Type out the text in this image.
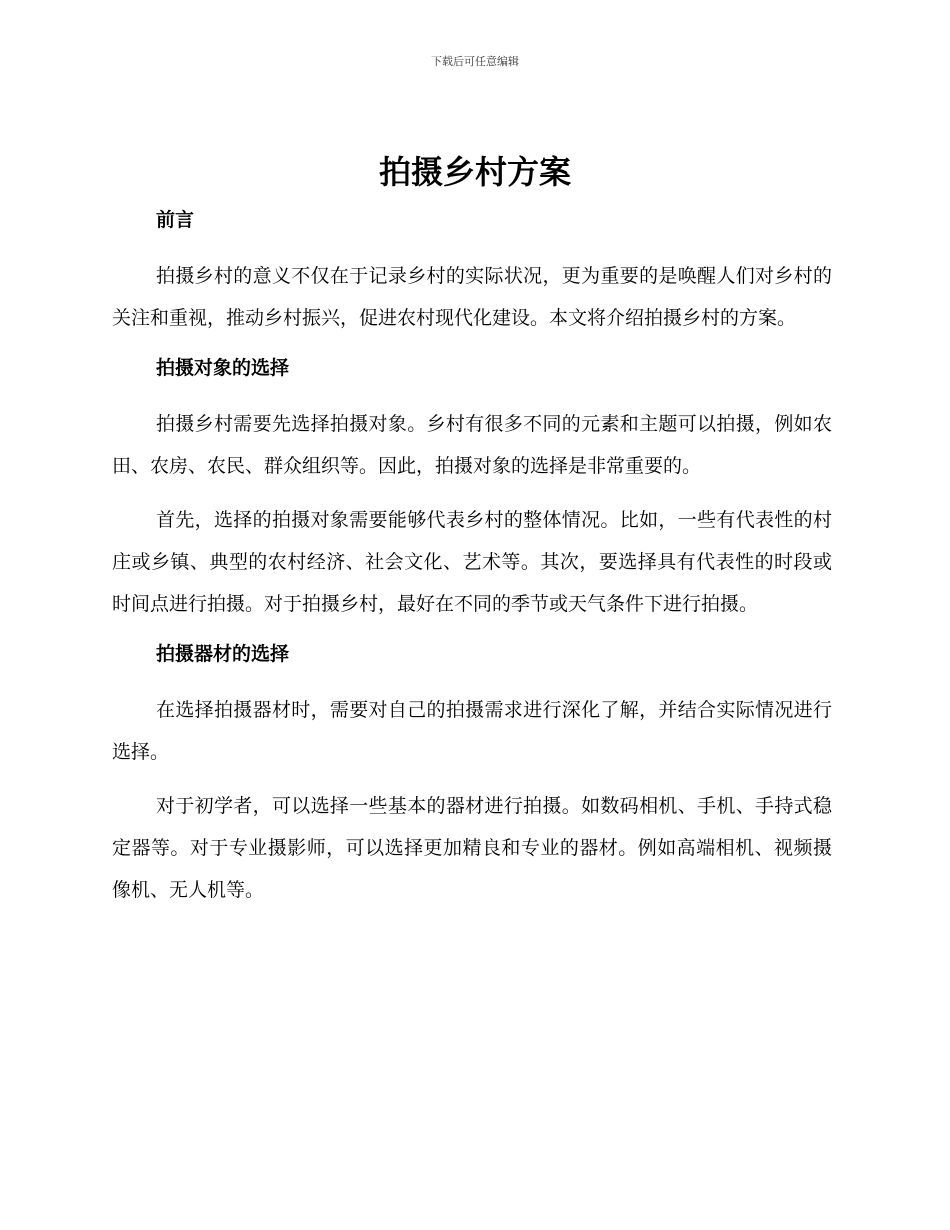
下载后可任意编辑
拍摄乡村方案
前言

拍摄乡村的意义不仅在于记录乡村的实际状况，更为重要的是唤醒人们对乡村的关注和重视，推动乡村振兴，促进农村现代化建设。本文将介绍拍摄乡村的方案。

拍摄对象的选择

拍摄乡村需要先选择拍摄对象。乡村有很多不同的元素和主题可以拍摄，例如农田、农房、农民、群众组织等。因此，拍摄对象的选择是非常重要的。

首先，选择的拍摄对象需要能够代表乡村的整体情况。比如，一些有代表性的村庄或乡镇、典型的农村经济、社会文化、艺术等。其次，要选择具有代表性的时段或时间点进行拍摄。对于拍摄乡村，最好在不同的季节或天气条件下进行拍摄。

拍摄器材的选择

在选择拍摄器材时，需要对自己的拍摄需求进行深化了解，并结合实际情况进行选择。

对于初学者，可以选择一些基本的器材进行拍摄。如数码相机、手机、手持式稳定器等。对于专业摄影师，可以选择更加精良和专业的器材。例如高端相机、视频摄像机、无人机等。
